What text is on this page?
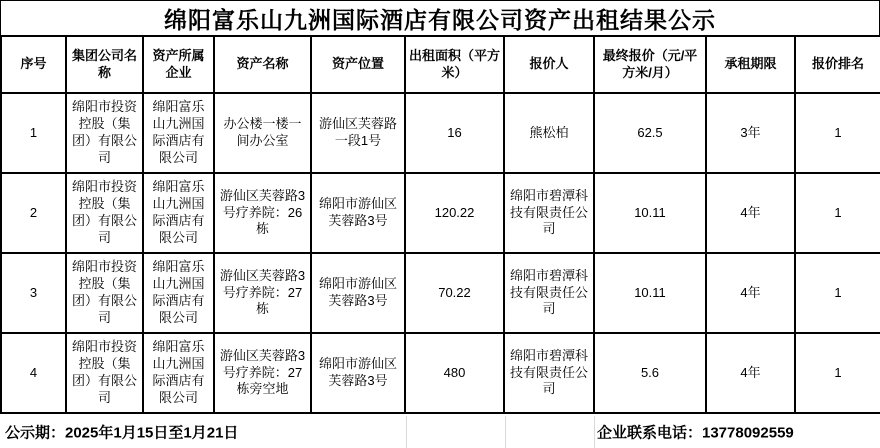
绵阳富乐山九洲国际酒店有限公司资产出租结果公示
序号	集团公司名称	资产所属企业	资产名称	资产位置	出租面积（平方米）	报价人	最终报价（元/平方米/月）	承租期限	报价排名
1	绵阳市投资控股（集团）有限公司	绵阳富乐山九洲国际酒店有限公司	办公楼一楼一间办公室	游仙区芙蓉路一段1号	16	熊松柏	62.5	3年	1
2	绵阳市投资控股（集团）有限公司	绵阳富乐山九洲国际酒店有限公司	游仙区芙蓉路3号疗养院：26栋	绵阳市游仙区芙蓉路3号	120.22	绵阳市碧潭科技有限责任公司	10.11	4年	1
3	绵阳市投资控股（集团）有限公司	绵阳富乐山九洲国际酒店有限公司	游仙区芙蓉路3号疗养院：27栋	绵阳市游仙区芙蓉路3号	70.22	绵阳市碧潭科技有限责任公司	10.11	4年	1
4	绵阳市投资控股（集团）有限公司	绵阳富乐山九洲国际酒店有限公司	游仙区芙蓉路3号疗养院：27栋旁空地	绵阳市游仙区芙蓉路3号	480	绵阳市碧潭科技有限责任公司	5.6	4年	1
公示期：2025年1月15日至1月21日	企业联系电话：13778092559
